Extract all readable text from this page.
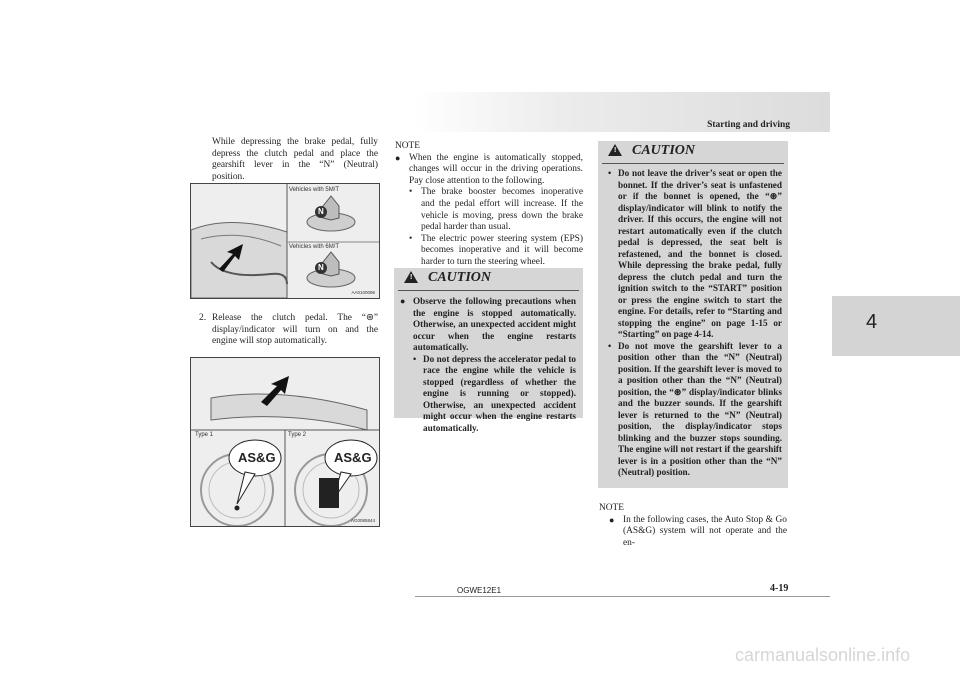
Starting and driving
4

While depressing the brake pedal, fully depress the clutch pedal and place the gearshift lever in the “N” (Neutral) position.

Vehicles with 5M/T
Vehicles with 6M/T
N
N
AA0100096
2. Release the clutch pedal. The “⊛” display/indicator will turn on and the engine will stop automatically.

Type 1	Type 2
AS&G	AS&G
AG0085844

NOTE

● When the engine is automatically stopped, changes will occur in the driving operations. Pay close attention to the following.

• The brake booster becomes inoperative and the pedal effort will increase. If the vehicle is moving, press down the brake pedal harder than usual.

• The electric power steering system (EPS) becomes inoperative and it will become harder to turn the steering wheel.

! CAUTION
● Observe the following precautions when the engine is stopped automatically. Otherwise, an unexpected accident might occur when the engine restarts automatically.

• Do not depress the accelerator pedal to race the engine while the vehicle is stopped (regardless of whether the engine is running or stopped). Otherwise, an unexpected accident might occur when the engine restarts automatically.

! CAUTION
• Do not leave the driver’s seat or open the bonnet. If the driver’s seat is unfastened or if the bonnet is opened, the “⊛” display/indicator will blink to notify the driver. If this occurs, the engine will not restart automatically even if the clutch pedal is depressed, the seat belt is refastened, and the bonnet is closed. While depressing the brake pedal, fully depress the clutch pedal and turn the ignition switch to the “START” position or press the engine switch to start the engine. For details, refer to “Starting and stopping the engine” on page 1-15 or “Starting” on page 4-14.

• Do not move the gearshift lever to a position other than the “N” (Neutral) position. If the gearshift lever is moved to a position other than the “N” (Neutral) position, the “⊛” display/indicator blinks and the buzzer sounds. If the gearshift lever is returned to the “N” (Neutral) position, the display/indicator stops blinking and the buzzer stops sounding. The engine will not restart if the gearshift lever is in a position other than the “N” (Neutral) position.

NOTE

● In the following cases, the Auto Stop & Go (AS&G) system will not operate and the en-

OGWE12E1	4-19
carmanualsonline.info
